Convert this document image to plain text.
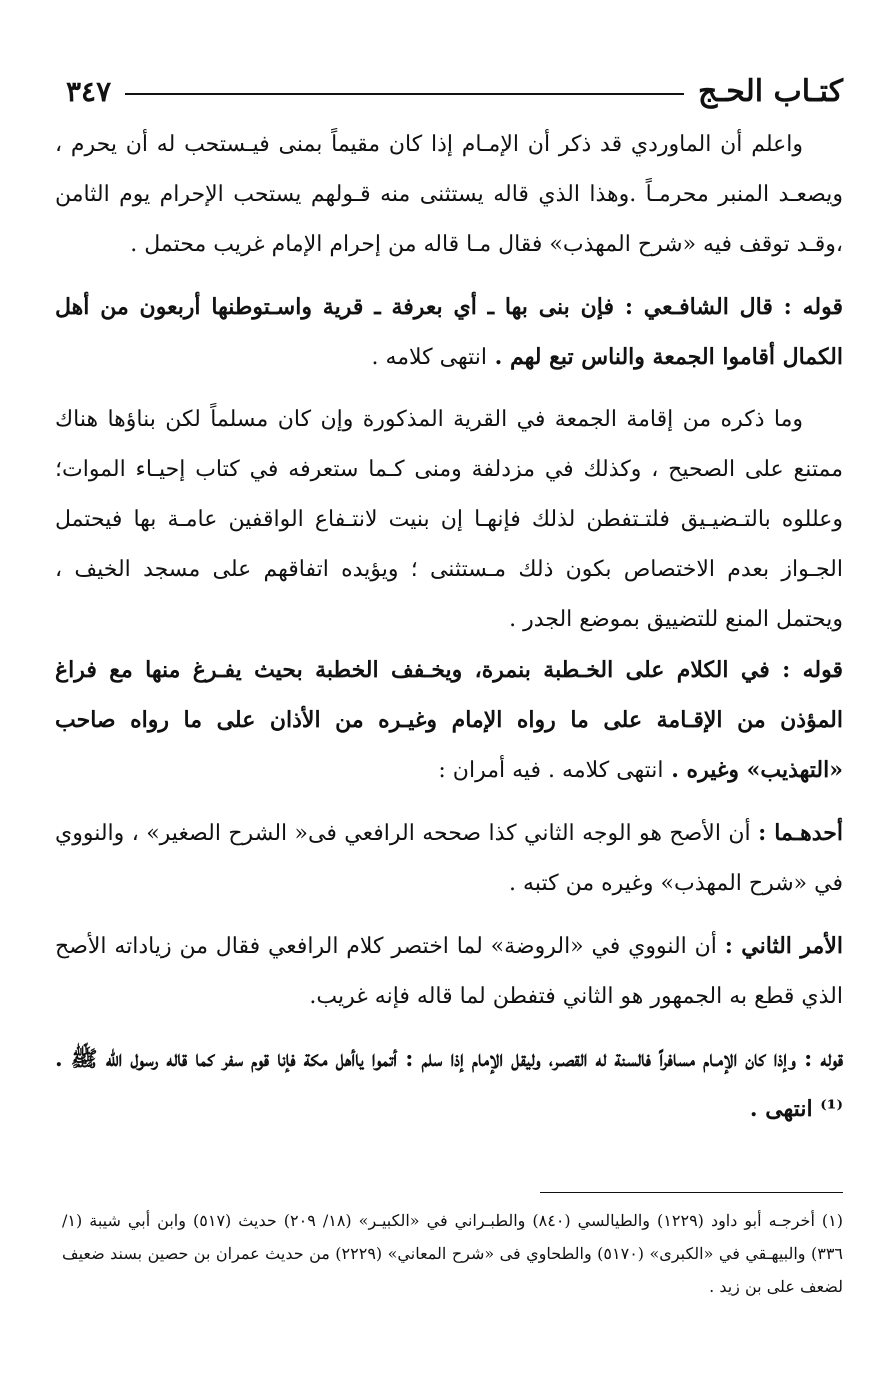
كتـاب الحـج
٣٤٧

واعلم أن الماوردي قد ذكر أن الإمـام إذا كان مقيماً بمنى فيـستحب له أن يحرم ، ويصعـد المنبر محرمـاً .وهذا الذي قاله يستثنى منه قـولهم يستحب الإحرام يوم الثامن ،وقـد توقف فيه «شرح المهذب» فقال مـا قاله من إحرام الإمام غريب محتمل .

قوله : قال الشافـعي : فإن بنى بها ـ أي بعرفة ـ قرية واسـتوطنها أربعون من أهل الكمال أقاموا الجمعة والناس تبع لهم . انتهى كلامه .

وما ذكره من إقامة الجمعة في القرية المذكورة وإن كان مسلماً لكن بناؤها هناك ممتنع على الصحيح ، وكذلك في مزدلفة ومنى كـما ستعرفه في كتاب إحيـاء الموات؛ وعللوه بالتـضيـيق فلتـتفطن لذلك فإنهـا إن بنيت لانتـفاع الواقفين عامـة بها فيحتمل الجـواز بعدم الاختصاص بكون ذلك مـستثنى ؛ ويؤيده اتفاقهم على مسجد الخيف ، ويحتمل المنع للتضييق بموضع الجدر .

قوله : في الكلام على الخـطبة بنمرة، ويخـفف الخطبة بحيث يفـرغ منها مع فراغ المؤذن من الإقـامة على ما رواه الإمام وغيـره من الأذان على ما رواه صاحب «التهذيب» وغيره . انتهى كلامه . فيه أمران :

أحدهـما : أن الأصح هو الوجه الثاني كذا صححه الرافعي فى« الشرح الصغير» ، والنووي في «شرح المهذب» وغيره من كتبه .

الأمر الثاني : أن النووي في «الروضة» لما اختصر كلام الرافعي فقال من زياداته الأصح الذي قطع به الجمهور هو الثاني فتفطن لما قاله فإنه غريب.

قوله : وإذا كان الإمـام مسافراً فالسنة له القصـر، وليقل الإمام إذا سلم : أتموا ياأهل مكة فإنا قوم سفر كما قاله رسول الله ﷺ .⁽¹⁾ انتهى .

(١) أخرجـه أبو داود (١٢٢٩) والطيالسي (٨٤٠) والطبـراني في «الكبيـر» (١٨/ ٢٠٩) حديث (٥١٧) وابن أبي شيبة (١/ ٣٣٦) والبيهـقي في «الكبرى» (٥١٧٠) والطحاوي فى «شرح المعاني» (٢٢٢٩) من حديث عمران بن حصين بسند ضعيف لضعف على بن زيد .
